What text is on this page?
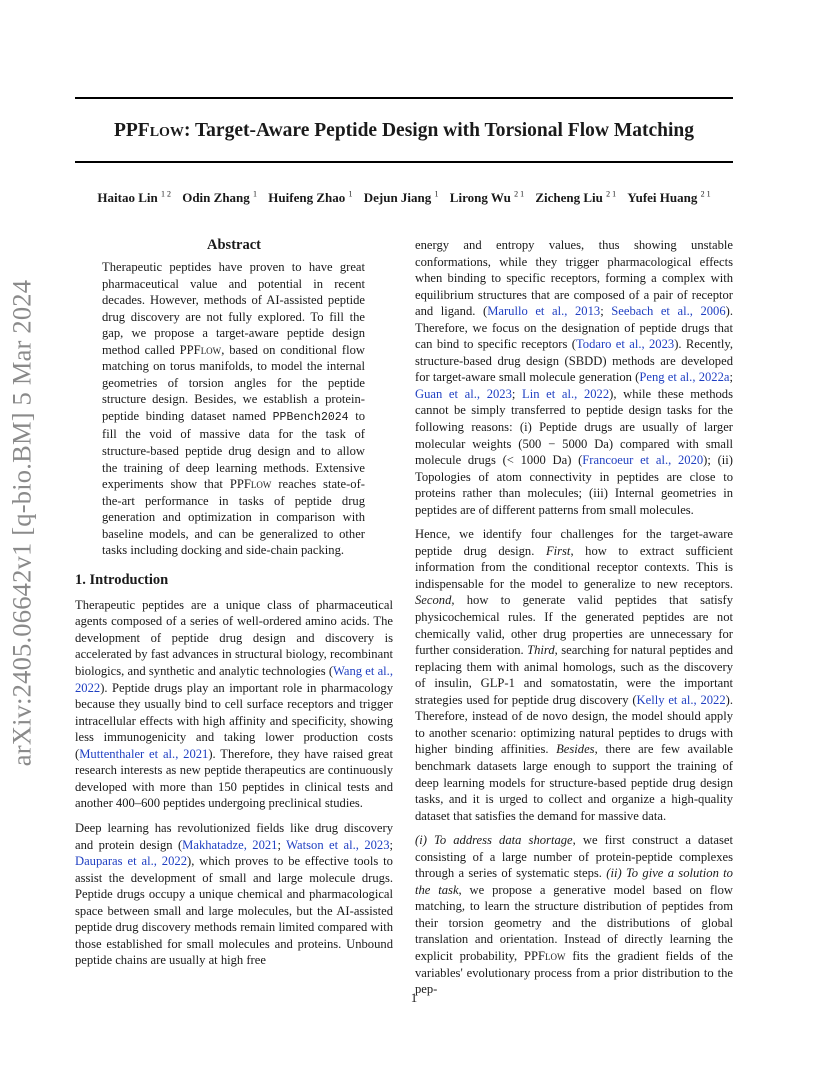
PPFlow: Target-Aware Peptide Design with Torsional Flow Matching
Haitao Lin $^{1 2}$ Odin Zhang $^1$ Huifeng Zhao $^1$ Dejun Jiang $^1$ Lirong Wu $^{2 1}$ Zicheng Liu $^{2 1}$ Yufei Huang $^{2 1}$
arXiv:2405.06642v1 [q-bio.BM] 5 Mar 2024
Abstract
Therapeutic peptides have proven to have great pharmaceutical value and potential in recent decades. However, methods of AI-assisted peptide drug discovery are not fully explored. To fill the gap, we propose a target-aware peptide design method called PPFlow, based on conditional flow matching on torus manifolds, to model the internal geometries of torsion angles for the peptide structure design. Besides, we establish a protein-peptide binding dataset named PPBench2024 to fill the void of massive data for the task of structure-based peptide drug design and to allow the training of deep learning methods. Extensive experiments show that PPFlow reaches state-of-the-art performance in tasks of peptide drug generation and optimization in comparison with baseline models, and can be generalized to other tasks including docking and side-chain packing.
1. Introduction

Therapeutic peptides are a unique class of pharmaceutical agents composed of a series of well-ordered amino acids. The development of peptide drug design and discovery is accelerated by fast advances in structural biology, recombinant biologics, and synthetic and analytic technologies (Wang et al., 2022). Peptide drugs play an important role in pharmacology because they usually bind to cell surface receptors and trigger intracellular effects with high affinity and specificity, showing less immunogenicity and taking lower production costs (Muttenthaler et al., 2021). Therefore, they have raised great research interests as new peptide therapeutics are continuously developed with more than 150 peptides in clinical tests and another 400–600 peptides undergoing preclinical studies.

Deep learning has revolutionized fields like drug discovery and protein design (Makhatadze, 2021; Watson et al., 2023; Dauparas et al., 2022), which proves to be effective tools to assist the development of small and large molecule drugs. Peptide drugs occupy a unique chemical and pharmacological space between small and large molecules, but the AI-assisted peptide drug discovery methods remain limited compared with those established for small molecules and proteins. Unbound peptide chains are usually at high free

energy and entropy values, thus showing unstable conformations, while they trigger pharmacological effects when binding to specific receptors, forming a complex with equilibrium structures that are composed of a pair of receptor and ligand. (Marullo et al., 2013; Seebach et al., 2006). Therefore, we focus on the designation of peptide drugs that can bind to specific receptors (Todaro et al., 2023). Recently, structure-based drug design (SBDD) methods are developed for target-aware small molecule generation (Peng et al., 2022a; Guan et al., 2023; Lin et al., 2022), while these methods cannot be simply transferred to peptide design tasks for the following reasons: (i) Peptide drugs are usually of larger molecular weights (500 − 5000 Da) compared with small molecule drugs (< 1000 Da) (Francoeur et al., 2020); (ii) Topologies of atom connectivity in peptides are close to proteins rather than molecules; (iii) Internal geometries in peptides are of different patterns from small molecules.

Hence, we identify four challenges for the target-aware peptide drug design. First, how to extract sufficient information from the conditional receptor contexts. This is indispensable for the model to generalize to new receptors. Second, how to generate valid peptides that satisfy physicochemical rules. If the generated peptides are not chemically valid, other drug properties are unnecessary for further consideration. Third, searching for natural peptides and replacing them with animal homologs, such as the discovery of insulin, GLP-1 and somatostatin, were the important strategies used for peptide drug discovery (Kelly et al., 2022). Therefore, instead of de novo design, the model should apply to another scenario: optimizing natural peptides to drugs with higher binding affinities. Besides, there are few available benchmark datasets large enough to support the training of deep learning models for structure-based peptide drug design tasks, and it is urged to collect and organize a high-quality dataset that satisfies the demand for massive data.

(i) To address data shortage, we first construct a dataset consisting of a large number of protein-peptide complexes through a series of systematic steps. (ii) To give a solution to the task, we propose a generative model based on flow matching, to learn the structure distribution of peptides from their torsion geometry and the distributions of global translation and orientation. Instead of directly learning the explicit probability, PPFlow fits the gradient fields of the variables' evolutionary process from a prior distribution to the pep-

1
